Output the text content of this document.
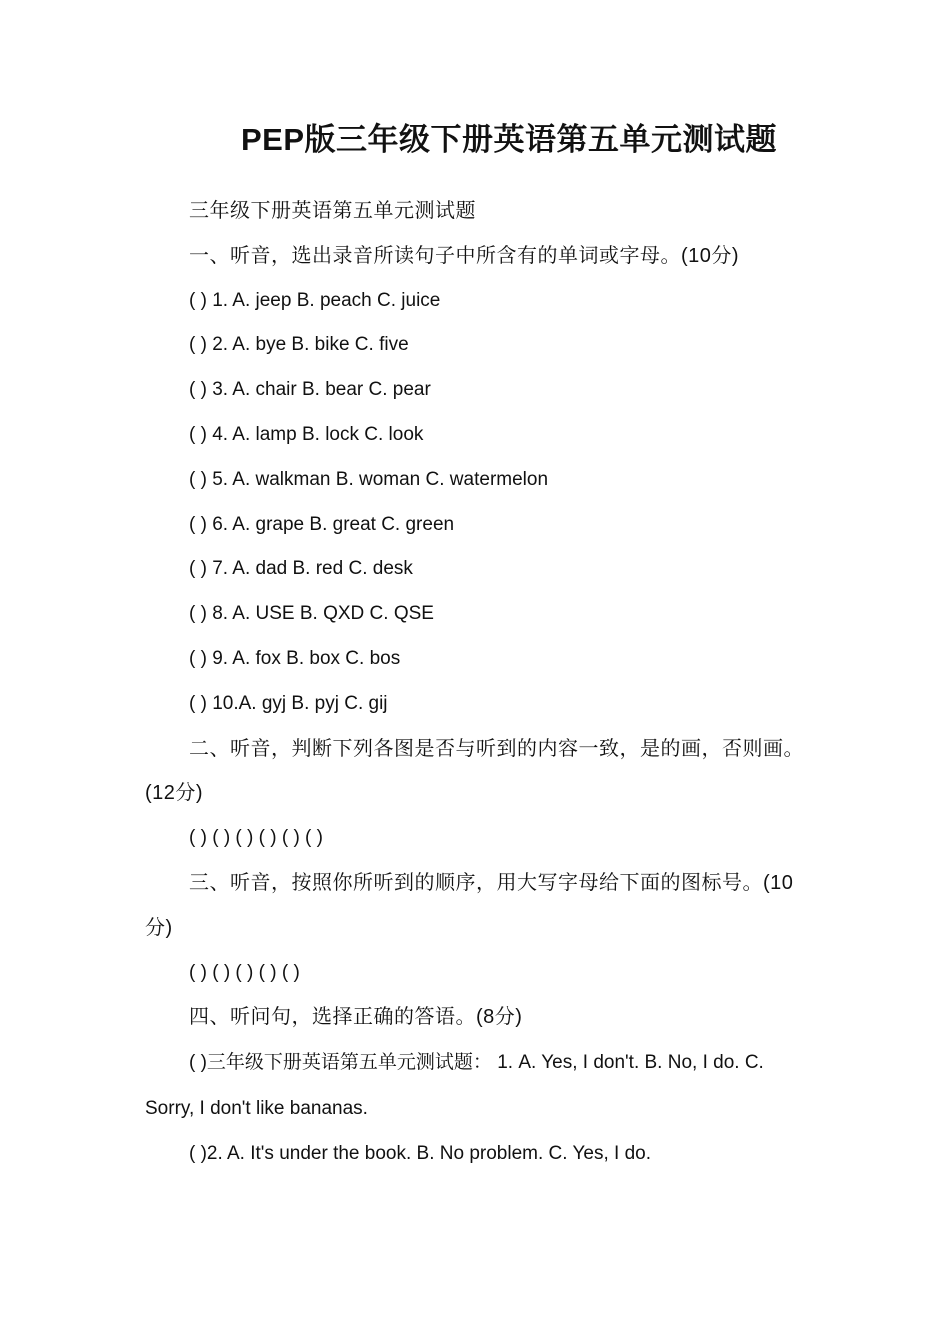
PEP版三年级下册英语第五单元测试题

三年级下册英语第五单元测试题

一、听音，选出录音所读句子中所含有的单词或字母。(10分)

( ) 1. A. jeep B. peach C. juice

( ) 2. A. bye B. bike C. five

( ) 3. A. chair B. bear C. pear

( ) 4. A. lamp B. lock C. look

( ) 5. A. walkman B. woman C. watermelon

( ) 6. A. grape B. great C. green

( ) 7. A. dad B. red C. desk

( ) 8. A. USE B. QXD C. QSE

( ) 9. A. fox B. box C. bos

( ) 10.A. gyj B. pyj C. gij

二、听音，判断下列各图是否与听到的内容一致，是的画，否则画。(12分)

( ) ( ) ( ) ( ) ( ) ( )

三、听音，按照你所听到的顺序，用大写字母给下面的图标号。(10分)

( ) ( ) ( ) ( ) ( )

四、听问句，选择正确的答语。(8分)

( )三年级下册英语第五单元测试题： 1. A. Yes, I don't. B. No, I do. C. Sorry, I don't like bananas.

( )2. A. It's under the book. B. No problem. C. Yes, I do.
